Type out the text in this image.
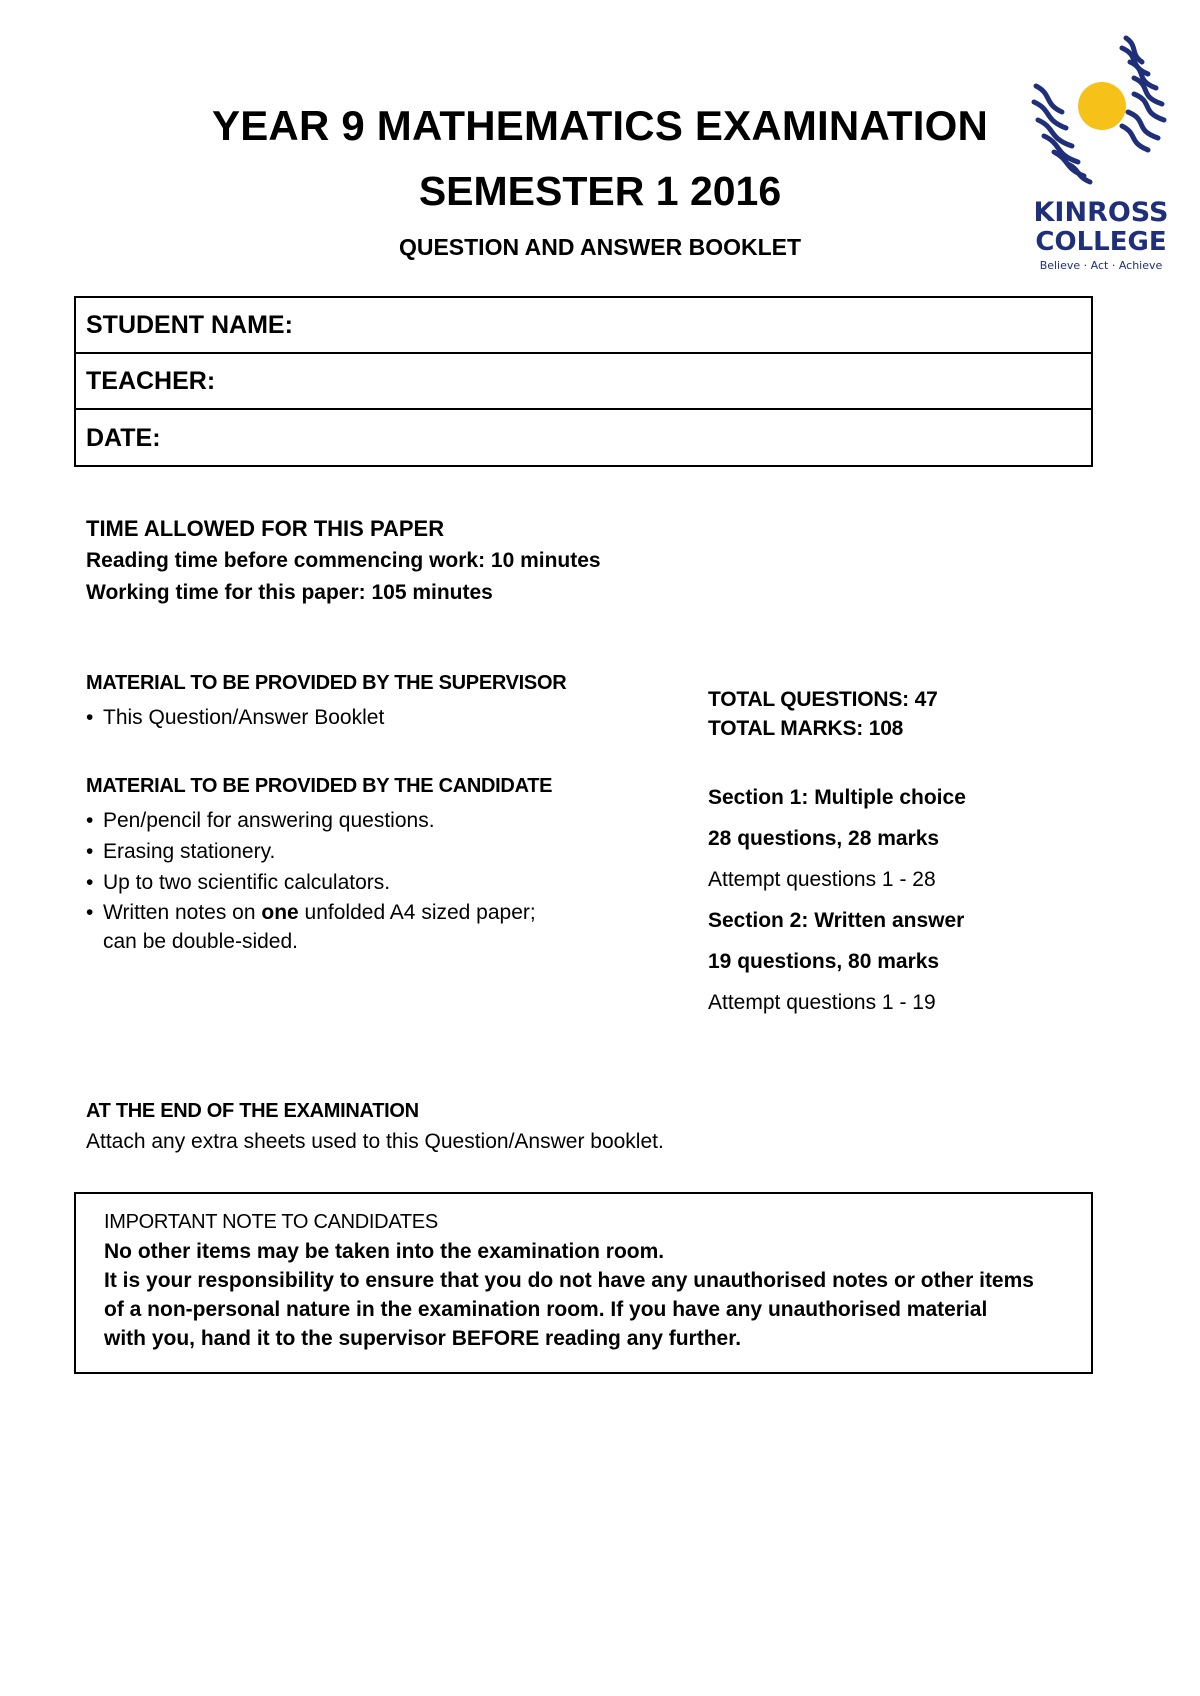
YEAR 9 MATHEMATICS EXAMINATION
SEMESTER 1 2016
QUESTION AND ANSWER BOOKLET
KINROSS
COLLEGE
Believe · Act · Achieve
STUDENT NAME:
TEACHER:
DATE:
TIME ALLOWED FOR THIS PAPER
Reading time before commencing work: 10 minutes
Working time for this paper: 105 minutes
MATERIAL TO BE PROVIDED BY THE SUPERVISOR
• This Question/Answer Booklet
MATERIAL TO BE PROVIDED BY THE CANDIDATE
• Pen/pencil for answering questions.
• Erasing stationery.
• Up to two scientific calculators.
• Written notes on one unfolded A4 sized paper;
can be double-sided.
TOTAL QUESTIONS: 47
TOTAL MARKS: 108
Section 1: Multiple choice
28 questions, 28 marks
Attempt questions 1 - 28
Section 2: Written answer
19 questions, 80 marks
Attempt questions 1 - 19
AT THE END OF THE EXAMINATION
Attach any extra sheets used to this Question/Answer booklet.
IMPORTANT NOTE TO CANDIDATES
No other items may be taken into the examination room.
It is your responsibility to ensure that you do not have any unauthorised notes or other items
of a non-personal nature in the examination room. If you have any unauthorised material
with you, hand it to the supervisor BEFORE reading any further.
